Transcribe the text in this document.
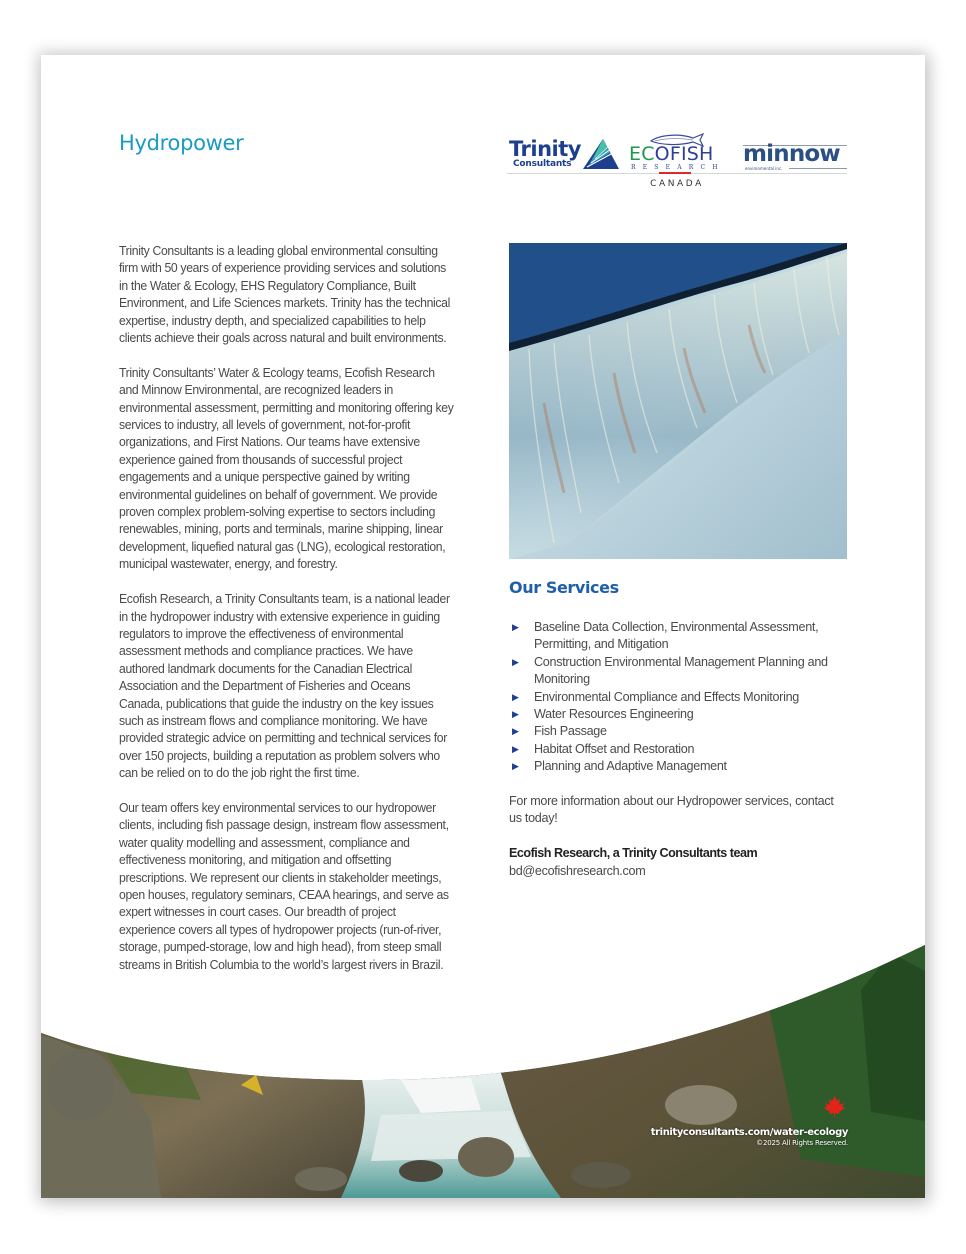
Hydropower	Trinity
Consultants	ECOFISH
RESEARCH
minnow
environmental inc.
CANADA

Trinity Consultants is a leading global environmental consulting firm with 50 years of experience providing services and solutions in the Water & Ecology, EHS Regulatory Compliance, Built Environment, and Life Sciences markets. Trinity has the technical expertise, industry depth, and specialized capabilities to help clients achieve their goals across natural and built environments.

Trinity Consultants’ Water & Ecology teams, Ecofish Research and Minnow Environmental, are recognized leaders in environmental assessment, permitting and monitoring offering key services to industry, all levels of government, not-for-profit organizations, and First Nations. Our teams have extensive experience gained from thousands of successful project engagements and a unique perspective gained by writing environmental guidelines on behalf of government. We provide proven complex problem-solving expertise to sectors including renewables, mining, ports and terminals, marine shipping, linear development, liquefied natural gas (LNG), ecological restoration, municipal wastewater, energy, and forestry.

Ecofish Research, a Trinity Consultants team, is a national leader in the hydropower industry with extensive experience in guiding regulators to improve the effectiveness of environmental assessment methods and compliance practices. We have authored landmark documents for the Canadian Electrical Association and the Department of Fisheries and Oceans Canada, publications that guide the industry on the key issues such as instream flows and compliance monitoring. We have provided strategic advice on permitting and technical services for over 150 projects, building a reputation as problem solvers who can be relied on to do the job right the first time.

Our team offers key environmental services to our hydropower clients, including fish passage design, instream flow assessment, water quality modelling and assessment, compliance and effectiveness monitoring, and mitigation and offsetting prescriptions. We represent our clients in stakeholder meetings, open houses, regulatory seminars, CEAA hearings, and serve as expert witnesses in court cases. Our breadth of project experience covers all types of hydropower projects (run-of-river, storage, pumped-storage, low and high head), from steep small streams in British Columbia to the world’s largest rivers in Brazil.

Our Services
▶ Baseline Data Collection, Environmental Assessment, Permitting, and Mitigation
▶ Construction Environmental Management Planning and Monitoring
▶ Environmental Compliance and Effects Monitoring
▶ Water Resources Engineering
▶ Fish Passage
▶ Habitat Offset and Restoration
▶ Planning and Adaptive Management

For more information about our Hydropower services, contact us today!

Ecofish Research, a Trinity Consultants team

bd@ecofishresearch.com

trinityconsultants.com/water-ecology
©2025 All Rights Reserved.
